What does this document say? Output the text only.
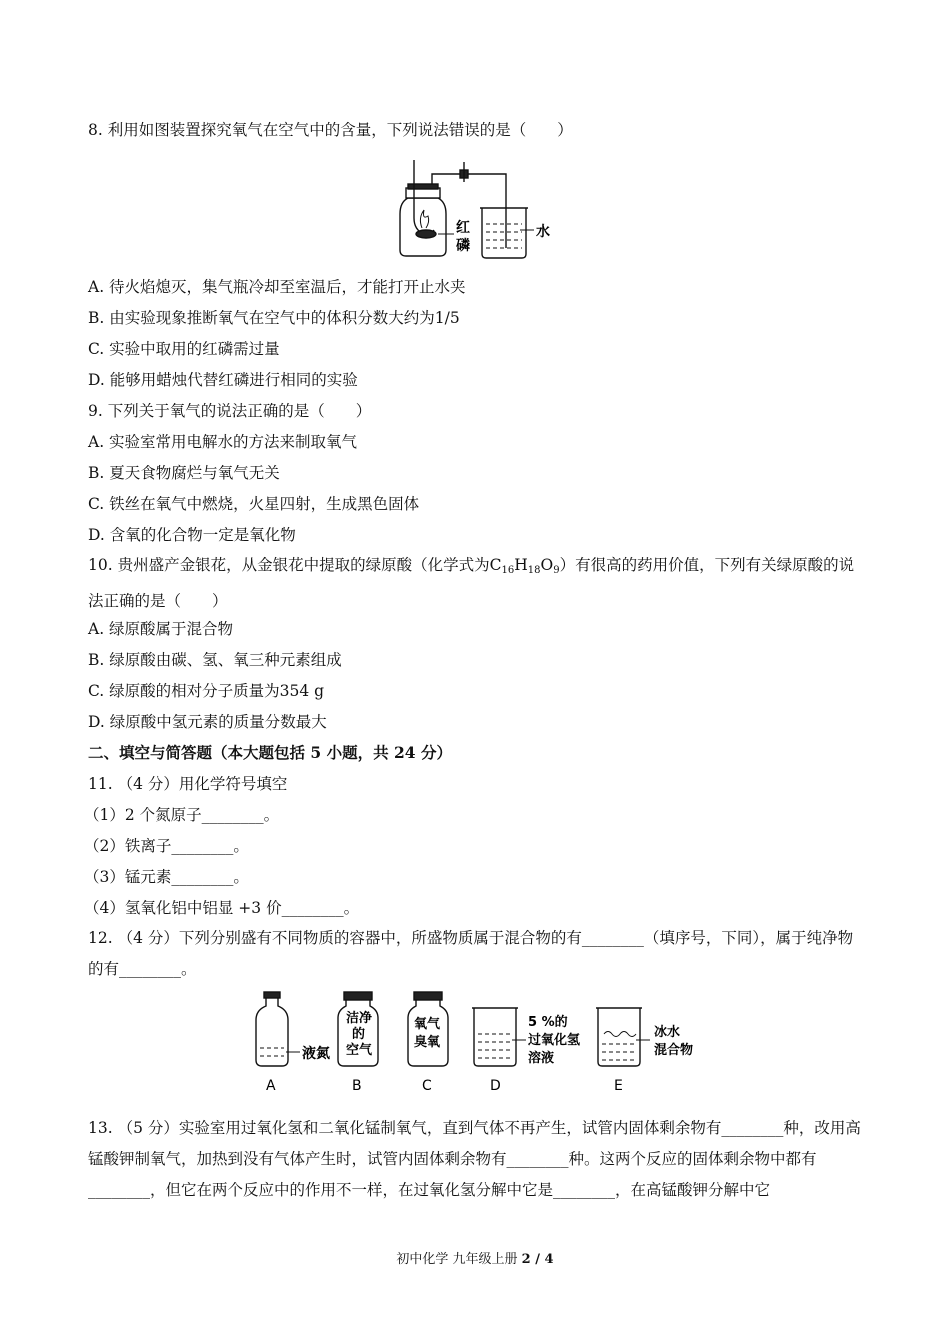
8. 利用如图装置探究氧气在空气中的含量，下列说法错误的是（　　）
红
磷
水
A. 待火焰熄灭，集气瓶冷却至室温后，才能打开止水夹
B. 由实验现象推断氧气在空气中的体积分数大约为1/5
C. 实验中取用的红磷需过量
D. 能够用蜡烛代替红磷进行相同的实验
9. 下列关于氧气的说法正确的是（　　）
A. 实验室常用电解水的方法来制取氧气
B. 夏天食物腐烂与氧气无关
C. 铁丝在氧气中燃烧，火星四射，生成黑色固体
D. 含氧的化合物一定是氧化物
10. 贵州盛产金银花，从金银花中提取的绿原酸（化学式为$C_{16}H_{18}O_9$）有很高的药用价值，下列有关绿原酸的说法正确的是（　　）
A. 绿原酸属于混合物
B. 绿原酸由碳、氢、氧三种元素组成
C. 绿原酸的相对分子质量为354 g
D. 绿原酸中氢元素的质量分数最大
二、填空与简答题（本大题包括 5 小题，共 24 分）
11. （4 分）用化学符号填空
（1）2 个氮原子________。
（2）铁离子________。
（3）锰元素________。
（4）氢氧化铝中铝显 +3 价________。
12. （4 分）下列分别盛有不同物质的容器中，所盛物质属于混合物的有________（填序号，下同），属于纯净物的有________。
液氮
洁净
的
空气
氧气
臭氧
5 %的
过氧化氢
溶液
冰水
混合物
A	B	C	D	E
13. （5 分）实验室用过氧化氢和二氧化锰制氧气，直到气体不再产生，试管内固体剩余物有________种，改用高锰酸钾制氧气，加热到没有气体产生时，试管内固体剩余物有________种。这两个反应的固体剩余物中都有________，但它在两个反应中的作用不一样，在过氧化氢分解中它是________，在高锰酸钾分解中它
初中化学 九年级上册 2 / 4
